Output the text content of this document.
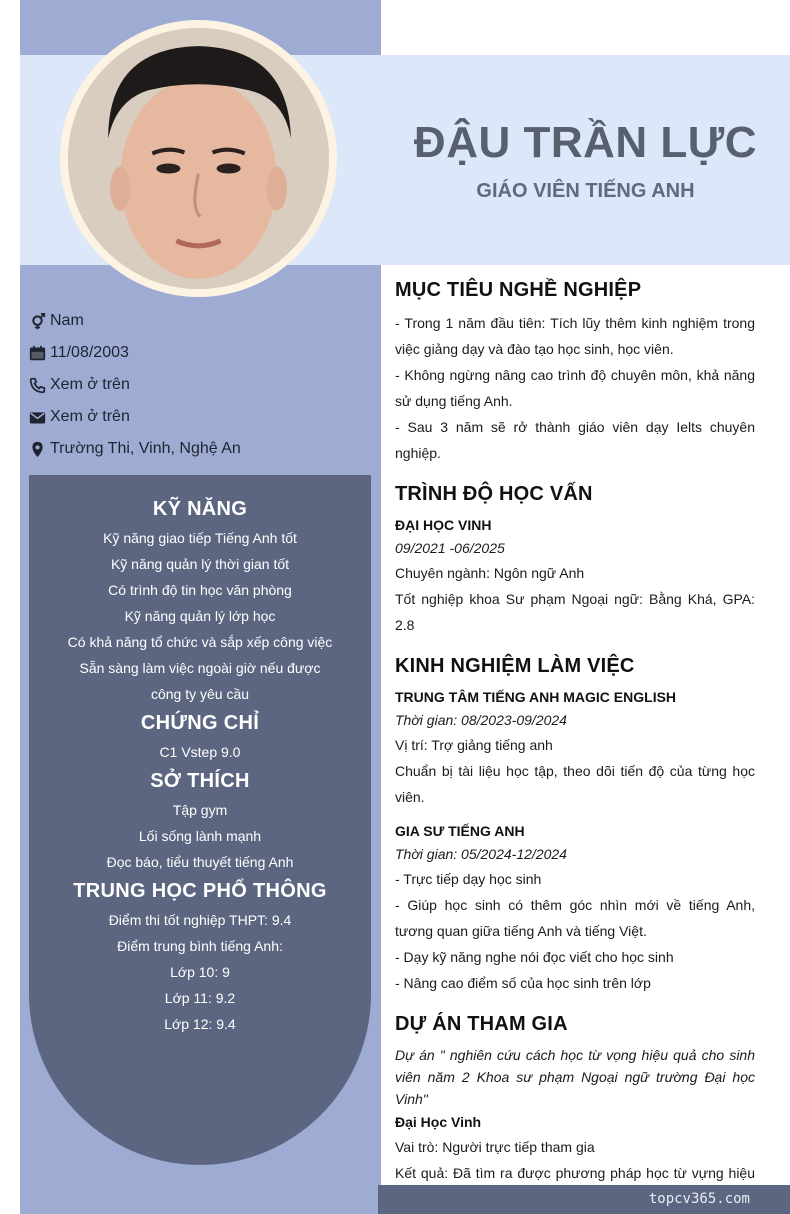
ĐẬU TRẦN LỰC
GIÁO VIÊN TIẾNG ANH
Nam
11/08/2003
Xem ở trên
Xem ở trên
Trường Thi, Vinh, Nghệ An
KỸ NĂNG
Kỹ năng giao tiếp Tiếng Anh tốt
Kỹ năng quản lý thời gian tốt
Có trình độ tin học văn phòng
Kỹ năng quản lý lớp học
Có khả năng tổ chức và sắp xếp công việc
Sẵn sàng làm việc ngoài giờ nếu được công ty yêu cầu
CHỨNG CHỈ
C1 Vstep 9.0
SỞ THÍCH
Tập gym
Lối sống lành mạnh
Đọc báo, tiểu thuyết tiếng Anh
TRUNG HỌC PHỔ THÔNG
Điểm thi tốt nghiệp THPT: 9.4
Điểm trung bình tiếng Anh:
Lớp 10: 9
Lớp 11: 9.2
Lớp 12: 9.4
MỤC TIÊU NGHỀ NGHIỆP
- Trong 1 năm đầu tiên: Tích lũy thêm kinh nghiệm trong việc giảng dạy và đào tạo học sinh, học viên.
- Không ngừng nâng cao trình độ chuyên môn, khả năng sử dụng tiếng Anh.
- Sau 3 năm sẽ rở thành giáo viên dạy Ielts chuyên nghiệp.
TRÌNH ĐỘ HỌC VẤN
ĐẠI HỌC VINH
09/2021 -06/2025
Chuyên ngành: Ngôn ngữ Anh
Tốt nghiệp khoa Sư phạm Ngoại ngữ: Bằng Khá, GPA: 2.8
KINH NGHIỆM LÀM VIỆC
TRUNG TÂM TIẾNG ANH MAGIC ENGLISH
Thời gian: 08/2023-09/2024
Vị trí: Trợ giảng tiếng anh
Chuẩn bị tài liệu học tập, theo dõi tiến độ của từng học viên.
GIA SƯ TIẾNG ANH
Thời gian: 05/2024-12/2024
- Trực tiếp dạy học sinh
- Giúp học sinh có thêm góc nhìn mới về tiếng Anh, tương quan giữa tiếng Anh và tiếng Việt.
- Dạy kỹ năng nghe nói đọc viết cho học sinh
- Nâng cao điểm số của học sinh trên lớp
DỰ ÁN THAM GIA
Dự án " nghiên cứu cách học từ vọng hiệu quả cho sinh viên năm 2 Khoa sư phạm Ngoại ngữ trường Đại học Vinh"
Đại Học Vinh
Vai trò: Người trực tiếp tham gia
Kết quả: Đã tìm ra được phương pháp học từ vựng hiệu
topcv365.com
